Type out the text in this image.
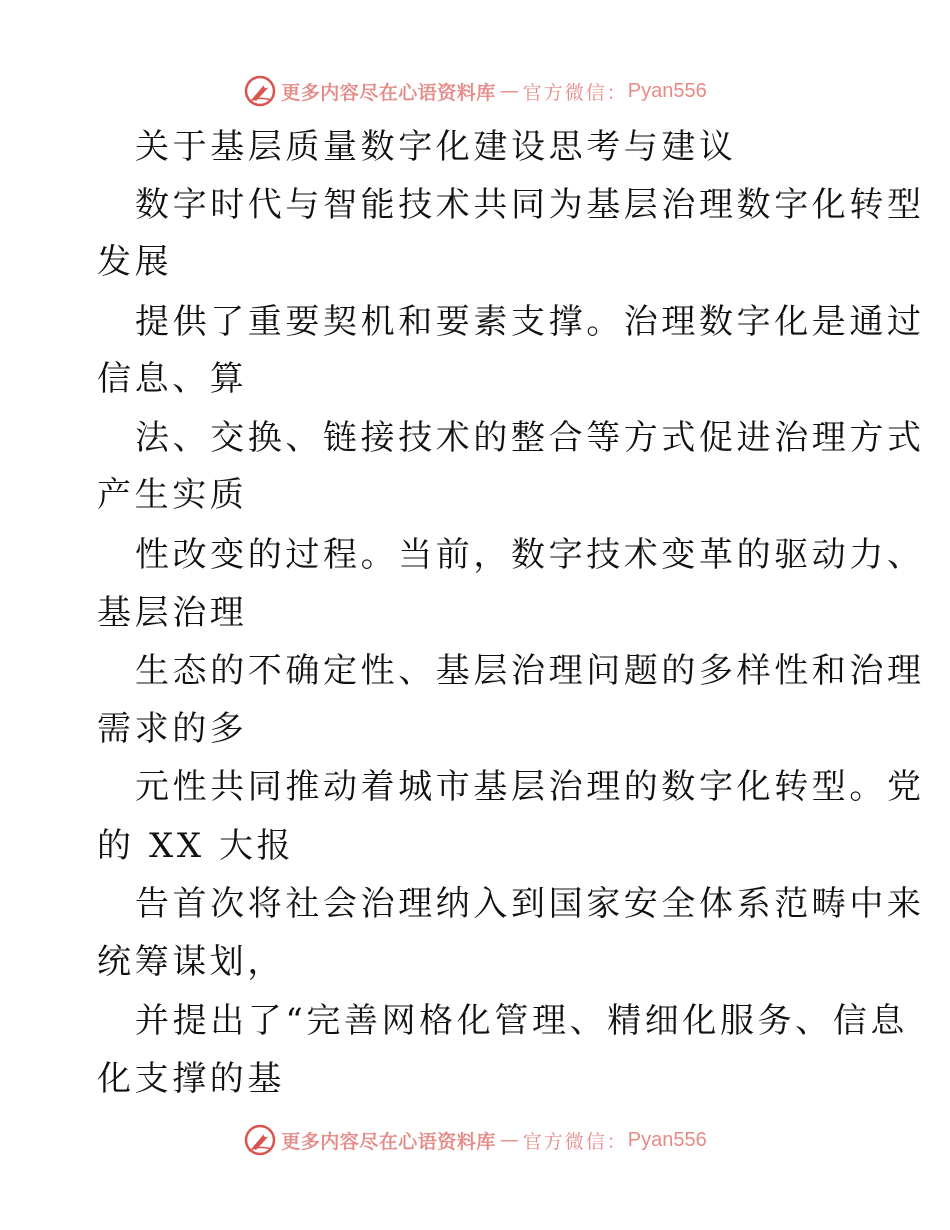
更多内容尽在心语资料库 — 官方微信： Pyan556
关于基层质量数字化建设思考与建议
数字时代与智能技术共同为基层治理数字化转型
发展
提供了重要契机和要素支撑。治理数字化是通过
信息、算
法、交换、链接技术的整合等方式促进治理方式
产生实质
性改变的过程。当前，数字技术变革的驱动力、
基层治理
生态的不确定性、基层治理问题的多样性和治理
需求的多
元性共同推动着城市基层治理的数字化转型。党
的 XX 大报
告首次将社会治理纳入到国家安全体系范畴中来
统筹谋划，
并提出了“完善网格化管理、精细化服务、信息
化支撑的基
更多内容尽在心语资料库 — 官方微信： Pyan556
